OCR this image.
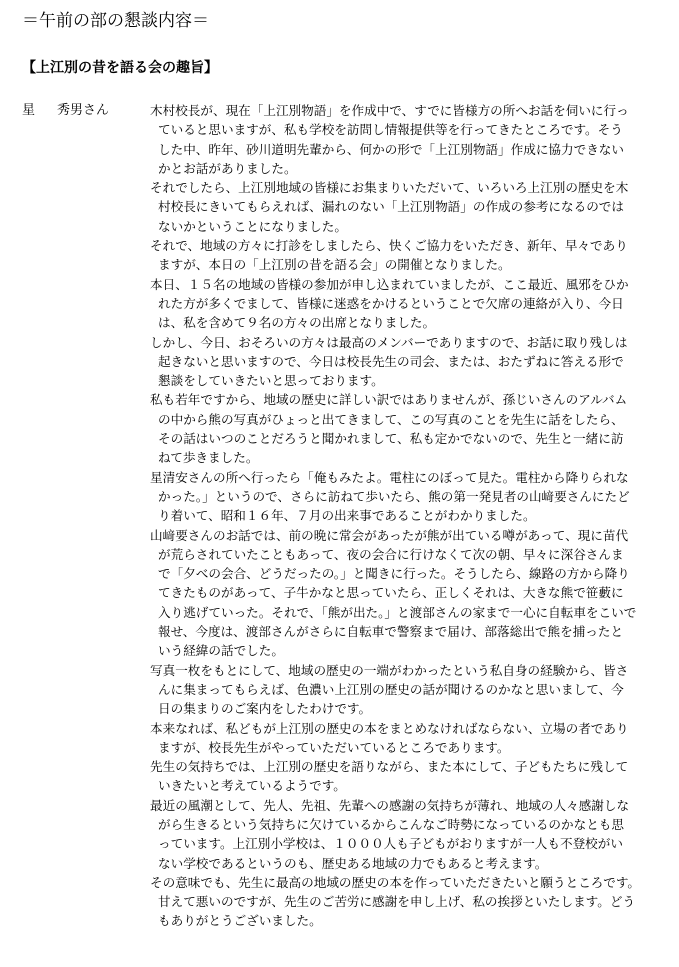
＝午前の部の懇談内容＝
【上江別の昔を語る会の趣旨】
星 秀男さん	木村校長が、現在「上江別物語」を作成中で、すでに皆様方の所へお話を伺いに行っ
ていると思いますが、私も学校を訪問し情報提供等を行ってきたところです。そう
した中、昨年、砂川道明先輩から、何かの形で「上江別物語」作成に協力できない
かとお話がありました。

それでしたら、上江別地域の皆様にお集まりいただいて、いろいろ上江別の歴史を木
村校長にきいてもらえれば、漏れのない「上江別物語」の作成の参考になるのでは
ないかということになりました。

それで、地域の方々に打診をしましたら、快くご協力をいただき、新年、早々であり
ますが、本日の「上江別の昔を語る会」の開催となりました。

本日、１５名の地域の皆様の参加が申し込まれていましたが、ここ最近、風邪をひか
れた方が多くでまして、皆様に迷惑をかけるということで欠席の連絡が入り、今日
は、私を含めて９名の方々の出席となりました。

しかし、今日、おそろいの方々は最高のメンバーでありますので、お話に取り残しは
起きないと思いますので、今日は校長先生の司会、または、おたずねに答える形で
懇談をしていきたいと思っております。

私も若年ですから、地域の歴史に詳しい訳ではありませんが、孫じいさんのアルバム
の中から熊の写真がひょっと出てきまして、この写真のことを先生に話をしたら、
その話はいつのことだろうと聞かれまして、私も定かでないので、先生と一緒に訪
ねて歩きました。

星清安さんの所へ行ったら「俺もみたよ。電柱にのぼって見た。電柱から降りられな
かった。」というので、さらに訪ねて歩いたら、熊の第一発見者の山﨑要さんにたど
り着いて、昭和１６年、７月の出来事であることがわかりました。

山﨑要さんのお話では、前の晩に常会があったが熊が出ている噂があって、現に苗代
が荒らされていたこともあって、夜の会合に行けなくて次の朝、早々に深谷さんま
で「夕べの会合、どうだったの。」と聞きに行った。そうしたら、線路の方から降り
てきたものがあって、子牛かなと思っていたら、正しくそれは、大きな熊で笹藪に
入り逃げていった。それで、「熊が出た。」と渡部さんの家まで一心に自転車をこいで
報せ、今度は、渡部さんがさらに自転車で警察まで届け、部落総出で熊を捕ったと
いう経緯の話でした。

写真一枚をもとにして、地域の歴史の一端がわかったという私自身の経験から、皆さ
んに集まってもらえば、色濃い上江別の歴史の話が聞けるのかなと思いまして、今
日の集まりのご案内をしたわけです。

本来なれば、私どもが上江別の歴史の本をまとめなければならない、立場の者であり
ますが、校長先生がやっていただいているところであります。

先生の気持ちでは、上江別の歴史を語りながら、また本にして、子どもたちに残して
いきたいと考えているようです。

最近の風潮として、先人、先祖、先輩への感謝の気持ちが薄れ、地域の人々感謝しな
がら生きるという気持ちに欠けているからこんなご時勢になっているのかなとも思
っています。上江別小学校は、１０００人も子どもがおりますが一人も不登校がい
ない学校であるというのも、歴史ある地域の力でもあると考えます。

その意味でも、先生に最高の地域の歴史の本を作っていただきたいと願うところです。
甘えて悪いのですが、先生のご苦労に感謝を申し上げ、私の挨拶といたします。どう
もありがとうございました。
